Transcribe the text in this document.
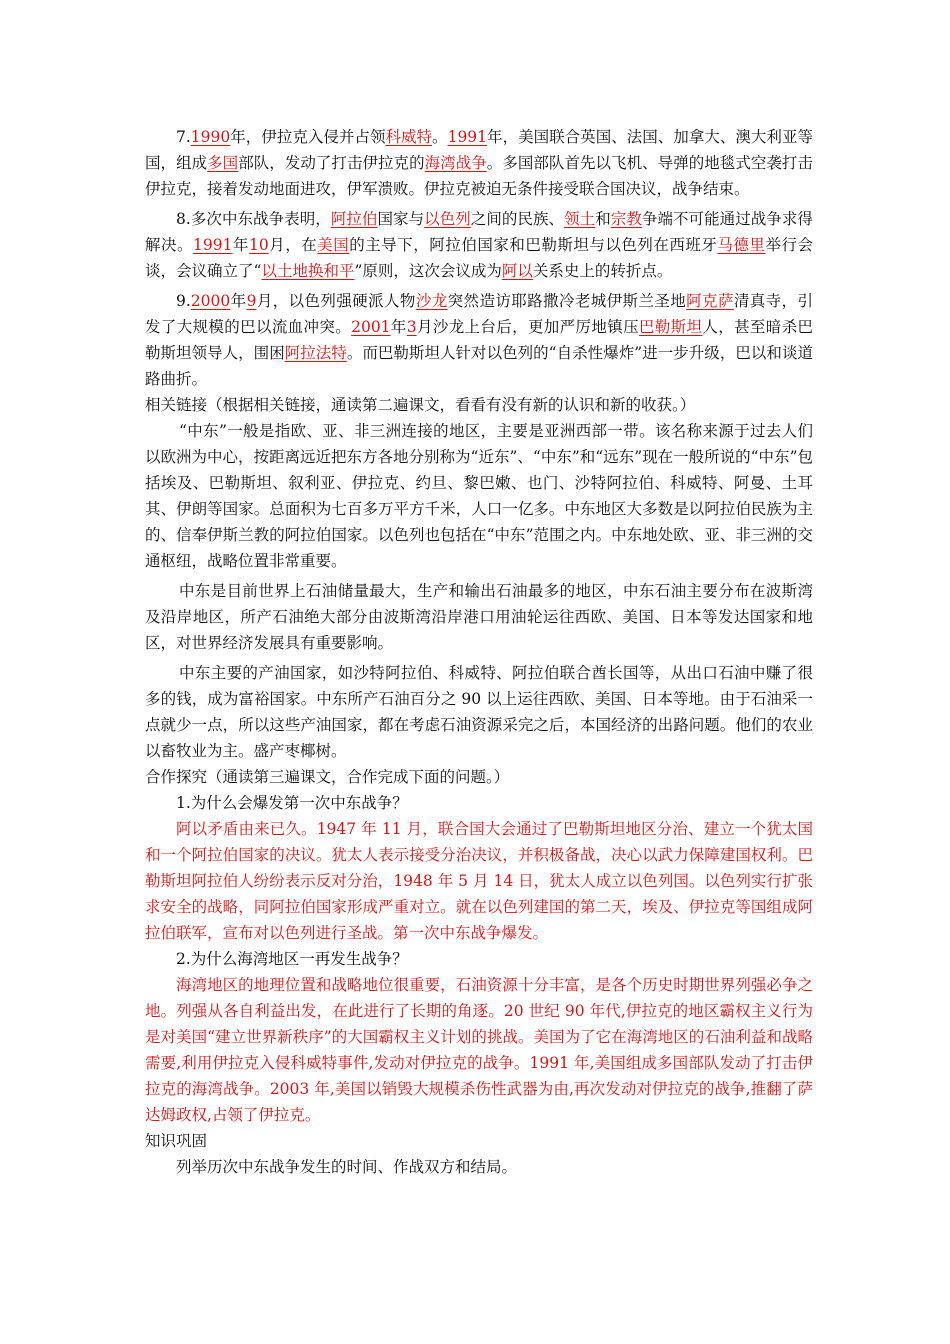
7.1990年，伊拉克入侵并占领科威特。1991年，美国联合英国、法国、加拿大、澳大利亚等国，组成多国部队，发动了打击伊拉克的海湾战争。多国部队首先以飞机、导弹的地毯式空袭打击伊拉克，接着发动地面进攻，伊军溃败。伊拉克被迫无条件接受联合国决议，战争结束。

8.多次中东战争表明，阿拉伯国家与以色列之间的民族、领土和宗教争端不可能通过战争求得解决。1991年10月，在美国的主导下，阿拉伯国家和巴勒斯坦与以色列在西班牙马德里举行会谈，会议确立了“以土地换和平”原则，这次会议成为阿以关系史上的转折点。

9.2000年9月，以色列强硬派人物沙龙突然造访耶路撒冷老城伊斯兰圣地阿克萨清真寺，引发了大规模的巴以流血冲突。2001年3月沙龙上台后，更加严厉地镇压巴勒斯坦人，甚至暗杀巴勒斯坦领导人，围困阿拉法特。而巴勒斯坦人针对以色列的“自杀性爆炸”进一步升级，巴以和谈道路曲折。

相关链接（根据相关链接，通读第二遍课文，看看有没有新的认识和新的收获。）

“中东”一般是指欧、亚、非三洲连接的地区，主要是亚洲西部一带。该名称来源于过去人们以欧洲为中心，按距离远近把东方各地分别称为“近东”、“中东”和“远东”现在一般所说的“中东”包括埃及、巴勒斯坦、叙利亚、伊拉克、约旦、黎巴嫩、也门、沙特阿拉伯、科威特、阿曼、土耳其、伊朗等国家。总面积为七百多万平方千米，人口一亿多。中东地区大多数是以阿拉伯民族为主的、信奉伊斯兰教的阿拉伯国家。以色列也包括在“中东”范围之内。中东地处欧、亚、非三洲的交通枢纽，战略位置非常重要。

中东是目前世界上石油储量最大，生产和输出石油最多的地区，中东石油主要分布在波斯湾及沿岸地区，所产石油绝大部分由波斯湾沿岸港口用油轮运往西欧、美国、日本等发达国家和地区，对世界经济发展具有重要影响。

中东主要的产油国家，如沙特阿拉伯、科威特、阿拉伯联合酋长国等，从出口石油中赚了很多的钱，成为富裕国家。中东所产石油百分之 90 以上运往西欧、美国、日本等地。由于石油采一点就少一点，所以这些产油国家，都在考虑石油资源采完之后，本国经济的出路问题。他们的农业以畜牧业为主。盛产枣椰树。

合作探究（通读第三遍课文，合作完成下面的问题。）

1.为什么会爆发第一次中东战争？

阿以矛盾由来已久。1947 年 11 月，联合国大会通过了巴勒斯坦地区分治、建立一个犹太国和一个阿拉伯国家的决议。犹太人表示接受分治决议，并积极备战，决心以武力保障建国权利。巴勒斯坦阿拉伯人纷纷表示反对分治，1948 年 5 月 14 日，犹太人成立以色列国。以色列实行扩张求安全的战略，同阿拉伯国家形成严重对立。就在以色列建国的第二天，埃及、伊拉克等国组成阿拉伯联军，宣布对以色列进行圣战。第一次中东战争爆发。

2.为什么海湾地区一再发生战争？

海湾地区的地理位置和战略地位很重要，石油资源十分丰富，是各个历史时期世界列强必争之地。列强从各自利益出发，在此进行了长期的角逐。20 世纪 90 年代,伊拉克的地区霸权主义行为是对美国“建立世界新秩序”的大国霸权主义计划的挑战。美国为了它在海湾地区的石油利益和战略需要,利用伊拉克入侵科威特事件,发动对伊拉克的战争。1991 年,美国组成多国部队发动了打击伊拉克的海湾战争。2003 年,美国以销毁大规模杀伤性武器为由,再次发动对伊拉克的战争,推翻了萨达姆政权,占领了伊拉克。

知识巩固

列举历次中东战争发生的时间、作战双方和结局。
